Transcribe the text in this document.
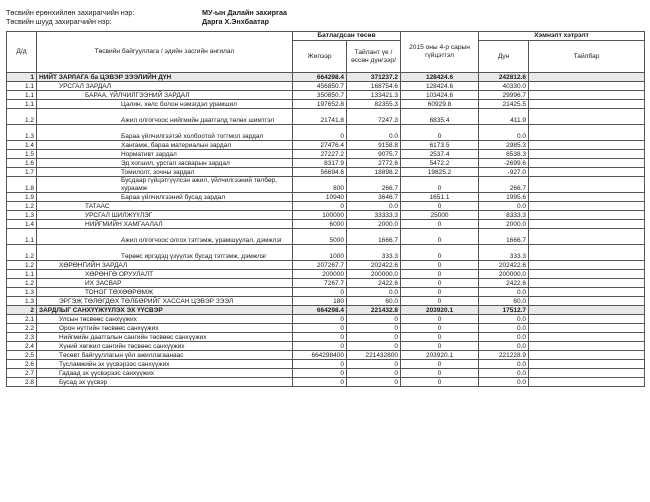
Төсвийн ерөнхийлөн захирагчийн нэр:	МУ-ын Далайн захиргаа
Төсвийн шууд захирагчийн нэр:	Дарга Х.Энхбаатар
Д/д	Төсвийн байгууллага / эдийн засгийн ангилал	Батлагдсан төсөв		2015 оны 4-р сарын гүйцэтгэл	Хэмнэлт хэтрэлт	
		Жилээр	Тайлант үе /өссөн дүнгээр/		Дүн	Тайлбар
1	НИЙТ ЗАРЛАГА ба ЦЭВЭР ЗЭЭЛИЙН ДҮН	664298.4	371237.2	128424.6	242812.6	
1.1	УРСГАЛ ЗАРДАЛ	456850.7	168754.6	128424.6	40330.0	
1.1	БАРАА, ҮЙЛЧИЛГЭЭНИЙ ЗАРДАЛ	350850.7	133421.3	103424.6	29996.7	
1.1	Цалин, хөлс болон нэмэгдэл урамшил	197652.8	82355.3	60929.8	21425.5	
1.2	Ажил олгогчоос нийгмийн даатгалд төлөх шимтгэл	21741.8	7247.3	6835.4	411.9	
1.3	Бараа үйлчилгээтэй холбоотой тогтмол зардал	0	0.0	0	0.0	
1.4	Хангамж, бараа материалын зардал	27476.4	9158.8	6173.5	2985.3	
1.5	Нормативт зардал	27227.2	9075.7	2537.4	6538.3	
1.6	Эд хогшил, урсгал засварын зардал	8317.9	2772.6	5472.2	-2699.6	
1.7	Томилолт, зочны зардал	56694.6	18898.2	19825.2	-927.0	
1.8	Бусдаар гүйцэтгүүлсэн ажил, үйлчилгээний төлбөр, хураамж	800	266.7	0	266.7	
1.9	Бараа үйлчилгээний бусад зардал	10940	3646.7	1651.1	1995.6	
1.2	ТАТААС	0	0.0	0	0.0	
1.3	УРСГАЛ ШИЛЖҮҮЛЭГ	100000	33333.3	25000	8333.3	
1.4	НИЙГМИЙН ХАМГААЛАЛ	6000	2000.0	0	2000.0	
1.1	Ажил олгогчоос олгох тэтгэмж, урамшуулал, дэмжлэг	5000	1666.7	0	1666.7	
1.2	Төрөөс иргэдэд үзүүлэх бусад тэтгэмж, дэмжлэг	1000	333.3	0	333.3	
1.2	ХӨРӨНГИЙН ЗАРДАЛ	207267.7	202422.6	0	202422.6	
1.1	ХӨРӨНГӨ ОРУУЛАЛТ	200000	200000.0	0	200000.0	
1.2	ИХ ЗАСВАР	7267.7	2422.6	0	2422.6	
1.3	ТОНОГ ТӨХӨӨРӨМЖ	0	0.0	0	0.0	
1.3	ЭРГЭЖ ТӨЛӨГДӨХ ТӨЛБӨРИЙГ ХАССАН ЦЭВЭР ЗЭЭЛ	180	60.0	0	60.0	
2	ЗАРДЛЫГ САНХҮҮЖҮҮЛЭХ ЭХ ҮҮСВЭР	664298.4	221432.8	203920.1	17512.7	
2.1	Улсын төсвөөс санхүүжих	0	0	0	0.0	
2.2	Орон нутгийн төсвөөс санхүүжих	0	0	0	0.0	
2.3	Нийгмийн даатгалын сангийн төсвөөс санхүүжих	0	0	0	0.0	
2.4	Хүний хөгжил сангийн төсвөөс санхүүжих	0	0	0	0.0	
2.5	Төсөвт байгууллагын үйл ажиллагаанаас	664298400	221432800	203920.1	221228.9	
2.6	Тусламжийн эх үүсвэрээс санхүүжих	0	0	0	0.0	
2.7	Гадаад эх үүсвэрээс санхүүжих	0	0	0	0.0	
2.8	Бусад эх үүсвэр	0	0	0	0.0	
